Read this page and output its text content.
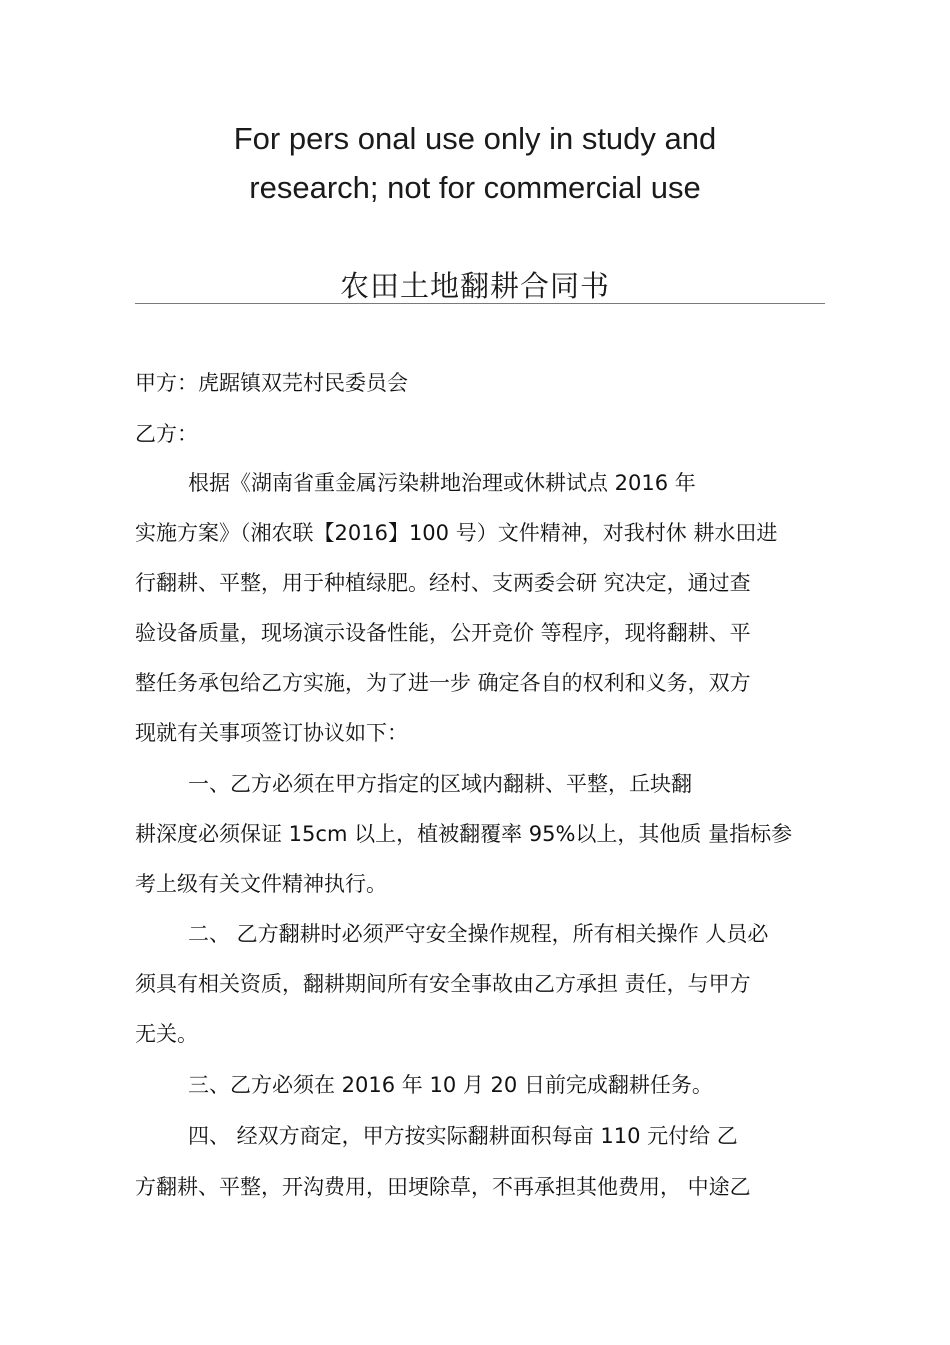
For pers onal use only in study and
research; not for commercial use
农田土地翻耕合同书
甲方：虎踞镇双芫村民委员会
乙方：
根据《湖南省重金属污染耕地治理或休耕试点 2016 年
实施方案》（湘农联【2016】100 号）文件精神，对我村休 耕水田进
行翻耕、平整，用于种植绿肥。经村、支两委会研 究决定，通过查
验设备质量，现场演示设备性能，公开竞价 等程序，现将翻耕、平
整任务承包给乙方实施，为了进一步 确定各自的权利和义务，双方
现就有关事项签订协议如下：
一、乙方必须在甲方指定的区域内翻耕、平整，丘块翻
耕深度必须保证 15cm 以上，植被翻覆率 95%以上，其他质 量指标参
考上级有关文件精神执行。
二、 乙方翻耕时必须严守安全操作规程，所有相关操作 人员必
须具有相关资质，翻耕期间所有安全事故由乙方承担 责任，与甲方
无关。
三、乙方必须在 2016 年 10 月 20 日前完成翻耕任务。
四、 经双方商定，甲方按实际翻耕面积每亩 110 元付给 乙
方翻耕、平整，开沟费用，田埂除草，不再承担其他费用， 中途乙
